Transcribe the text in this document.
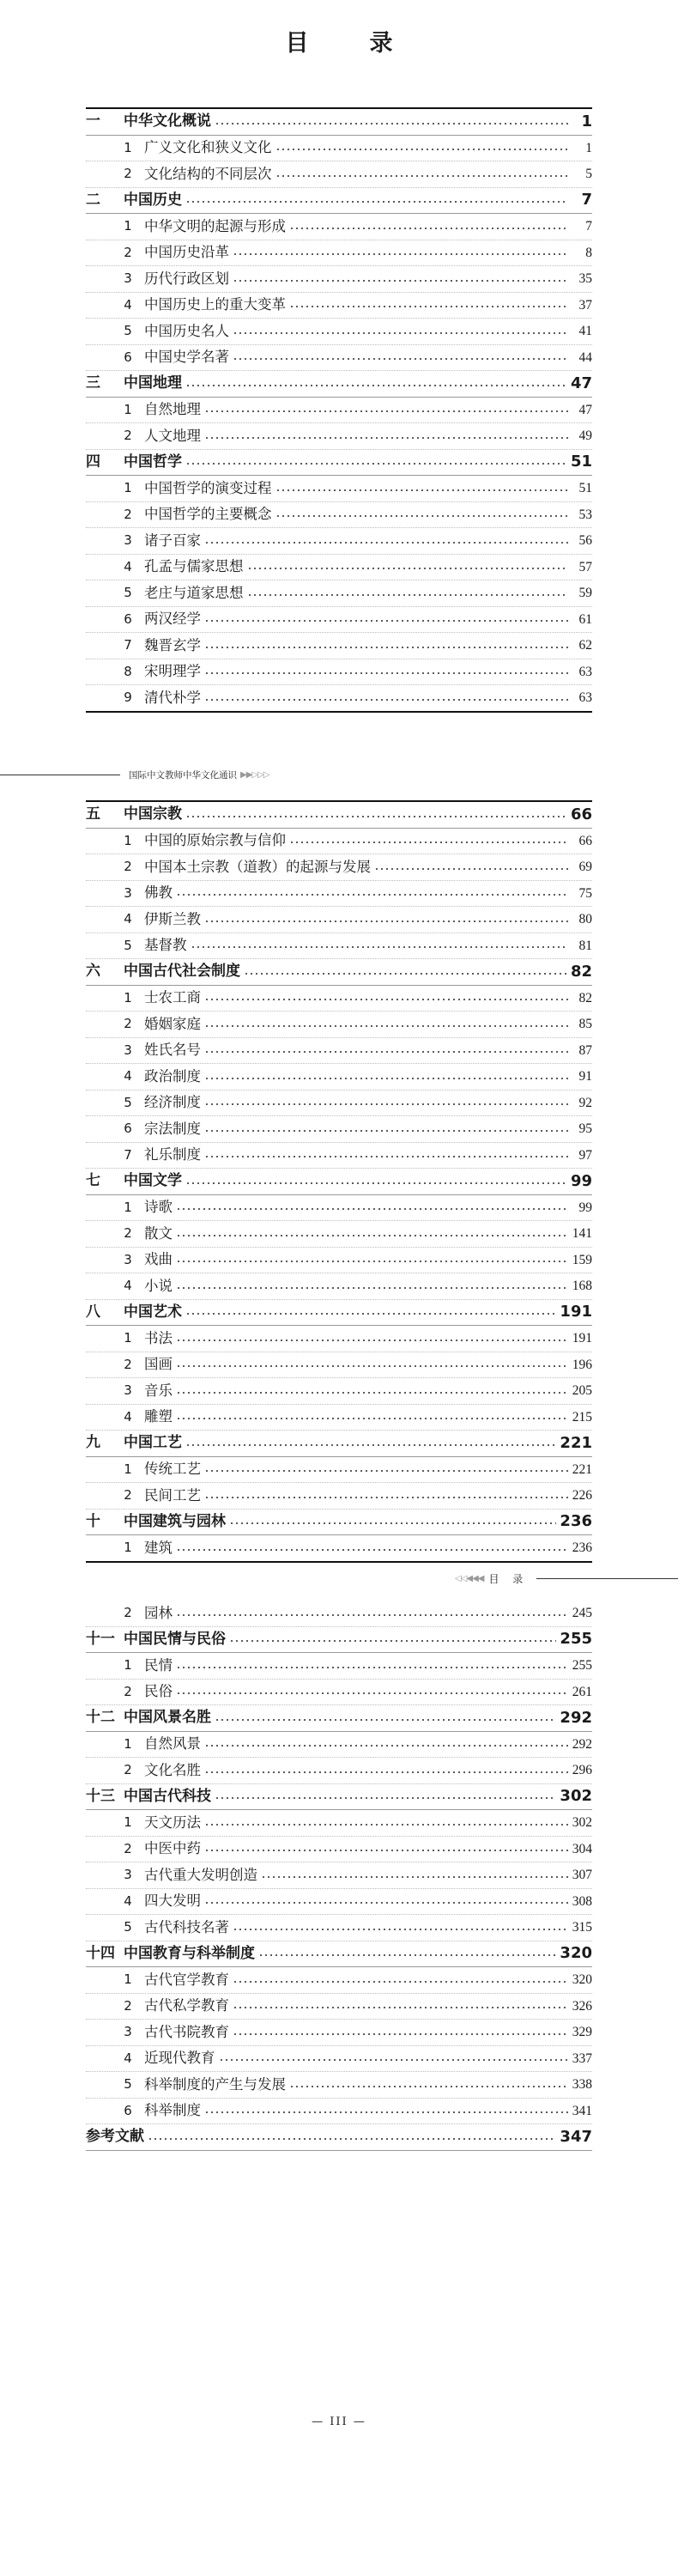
目　录
一	中华文化概说	1
1 广义文化和狭义文化	1
2 文化结构的不同层次	5
二	中国历史	7
1 中华文明的起源与形成	7
2 中国历史沿革	8
3 历代行政区划	35
4 中国历史上的重大变革	37
5 中国历史名人	41
6 中国史学名著	44
三	中国地理	47
1 自然地理	47
2 人文地理	49
四	中国哲学	51
1 中国哲学的演变过程	51
2 中国哲学的主要概念	53
3 诸子百家	56
4 孔孟与儒家思想	57
5 老庄与道家思想	59
6 两汉经学	61
7 魏晋玄学	62
8 宋明理学	63
9 清代朴学	63
国际中文教师中华文化通识 ▶▶▷▷▷
五	中国宗教	66
1 中国的原始宗教与信仰	66
2 中国本土宗教（道教）的起源与发展	69
3 佛教	75
4 伊斯兰教	80
5 基督教	81
六	中国古代社会制度	82
1 士农工商	82
2 婚姻家庭	85
3 姓氏名号	87
4 政治制度	91
5 经济制度	92
6 宗法制度	95
7 礼乐制度	97
七	中国文学	99
1 诗歌	99
2 散文	141
3 戏曲	159
4 小说	168
八	中国艺术	191
1 书法	191
2 国画	196
3 音乐	205
4 雕塑	215
九	中国工艺	221
1 传统工艺	221
2 民间工艺	226
十	中国建筑与园林	236
1 建筑	236
◁◁◀◀◀ 目 录
2 园林	245
十一 中国民情与民俗	255
1 民情	255
2 民俗	261
十二 中国风景名胜	292
1 自然风景	292
2 文化名胜	296
十三 中国古代科技	302
1 天文历法	302
2 中医中药	304
3 古代重大发明创造	307
4 四大发明	308
5 古代科技名著	315
十四 中国教育与科举制度	320
1 古代官学教育	320
2 古代私学教育	326
3 古代书院教育	329
4 近现代教育	337
5 科举制度的产生与发展	338
6 科举制度	341
参考文献	347
— III —
